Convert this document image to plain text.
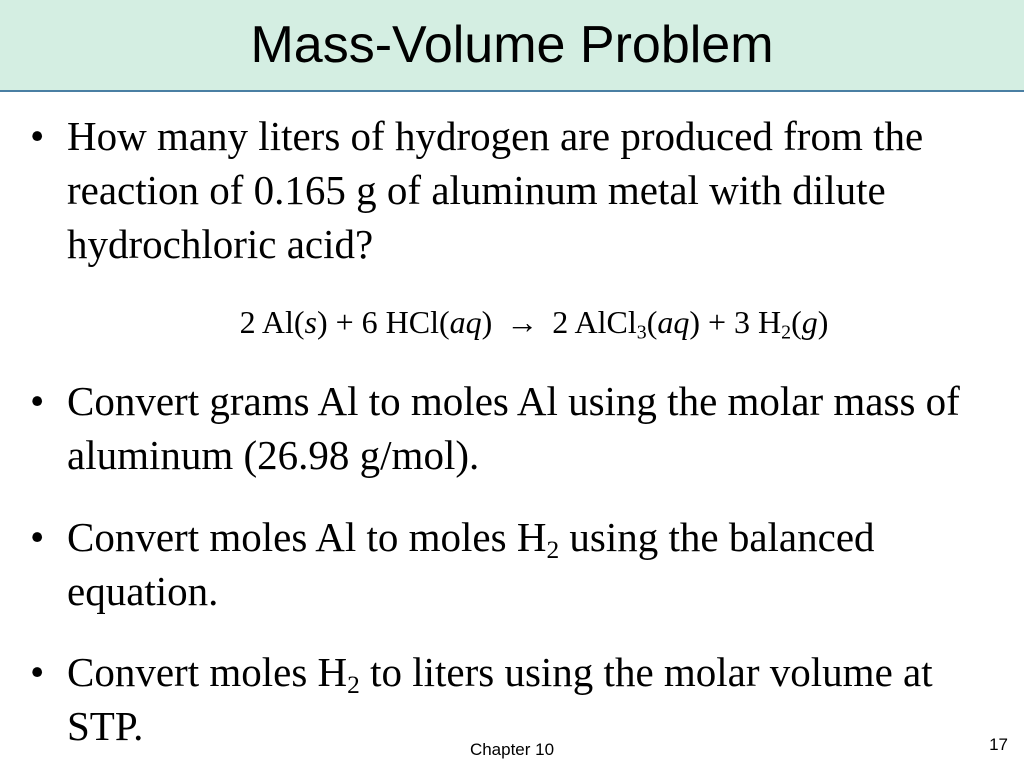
Mass-Volume Problem
• How many liters of hydrogen are produced from the reaction of 0.165 g of aluminum metal with dilute hydrochloric acid?
2 Al(s) + 6 HCl(aq) → 2 AlCl$_3$(aq) + 3 $H_2(g)$
• Convert grams Al to moles Al using the molar mass of aluminum (26.98 g/mol).
• Convert moles Al to moles $H_2$ using the balanced equation.
• Convert moles $H_2$ to liters using the molar volume at STP.
Chapter 10	17
